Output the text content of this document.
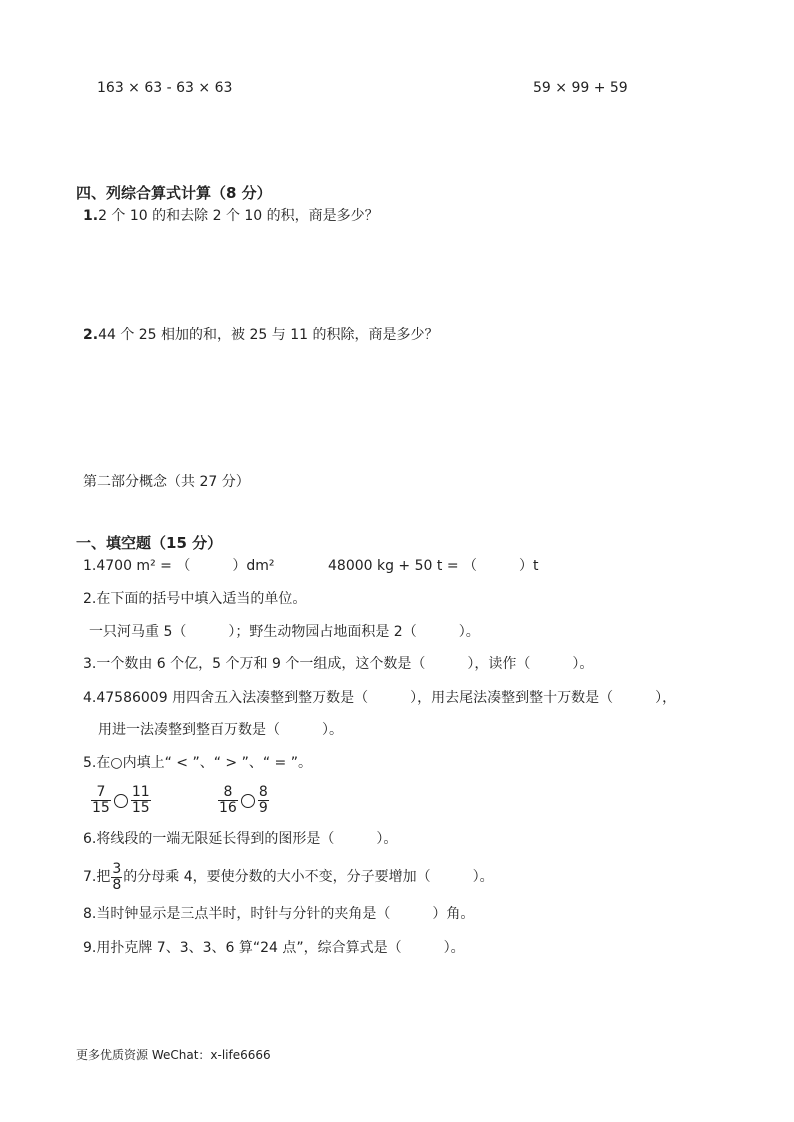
163 × 63 - 63 × 63	59 × 99 + 59
四、列综合算式计算（8 分）
1.2 个 10 的和去除 2 个 10 的积，商是多少？
2.44 个 25 相加的和，被 25 与 11 的积除，商是多少？
第二部分概念（共 27 分）
一、填空题（15 分）
1.4700 m² = （　　　）dm²	48000 kg + 50 t = （　　　）t
2.在下面的括号中填入适当的单位。
一只河马重 5（　　　）；野生动物园占地面积是 2（　　　）。
3.一个数由 6 个亿，5 个万和 9 个一组成，这个数是（　　　），读作（　　　）。
4.47586009 用四舍五入法凑整到整万数是（　　　），用去尾法凑整到整十万数是（　　　），
用进一法凑整到整百万数是（　　　）。
5.在○内填上“ < ”、“ > ”、“ = ”。
$\frac{7}{15} \frac{11}{15}$	$\frac{8}{16} \frac{8}{9}$
6.将线段的一端无限延长得到的图形是（　　　）。
7.把 $\frac{3}{8}$ 的分母乘 4，要使分数的大小不变，分子要增加（　　　）。
8.当时钟显示是三点半时，时针与分针的夹角是（　　　）角。
9.用扑克牌 7、3、3、6 算“24 点”，综合算式是（　　　）。
更多优质资源 WeChat：x-life6666
